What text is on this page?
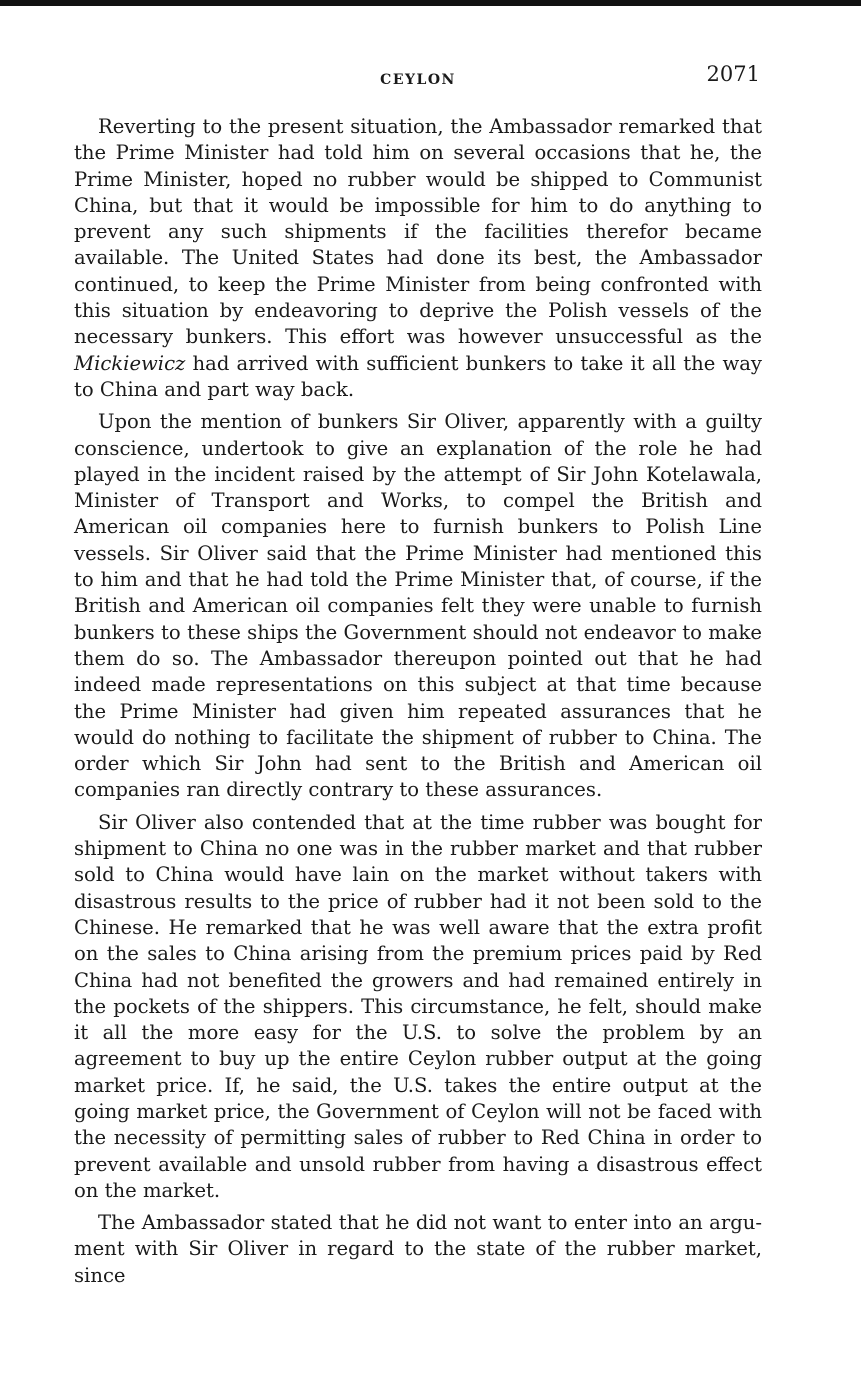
CEYLON	2071

Reverting to the present situation, the Ambassador remarked that the Prime Minister had told him on several occasions that he, the Prime Minister, hoped no rubber would be shipped to Communist China, but that it would be impossible for him to do anything to prevent any such shipments if the facilities therefor became available. The United States had done its best, the Ambassador continued, to keep the Prime Minister from being confronted with this situation by endeavoring to deprive the Polish vessels of the necessary bunkers. This effort was however unsuccessful as the Mickiewicz had arrived with sufficient bunkers to take it all the way to China and part way back.

Upon the mention of bunkers Sir Oliver, apparently with a guilty conscience, undertook to give an explanation of the role he had played in the incident raised by the attempt of Sir John Kotelawala, Minister of Transport and Works, to compel the British and American oil companies here to furnish bunkers to Polish Line vessels. Sir Oliver said that the Prime Minister had mentioned this to him and that he had told the Prime Minister that, of course, if the British and American oil companies felt they were unable to furnish bunkers to these ships the Government should not endeavor to make them do so. The Ambassador thereupon pointed out that he had indeed made representations on this subject at that time because the Prime Minister had given him repeated assurances that he would do nothing to facilitate the shipment of rubber to China. The order which Sir John had sent to the British and American oil companies ran directly contrary to these assurances.

Sir Oliver also contended that at the time rubber was bought for shipment to China no one was in the rubber market and that rubber sold to China would have lain on the market without takers with disastrous results to the price of rubber had it not been sold to the Chinese. He remarked that he was well aware that the extra profit on the sales to China arising from the premium prices paid by Red China had not benefited the growers and had remained entirely in the pockets of the shippers. This circumstance, he felt, should make it all the more easy for the U.S. to solve the problem by an agreement to buy up the entire Ceylon rubber output at the going market price. If, he said, the U.S. takes the entire output at the going market price, the Government of Ceylon will not be faced with the necessity of permitting sales of rubber to Red China in order to prevent available and unsold rubber from having a disastrous effect on the market.

The Ambassador stated that he did not want to enter into an argument with Sir Oliver in regard to the state of the rubber market, since
